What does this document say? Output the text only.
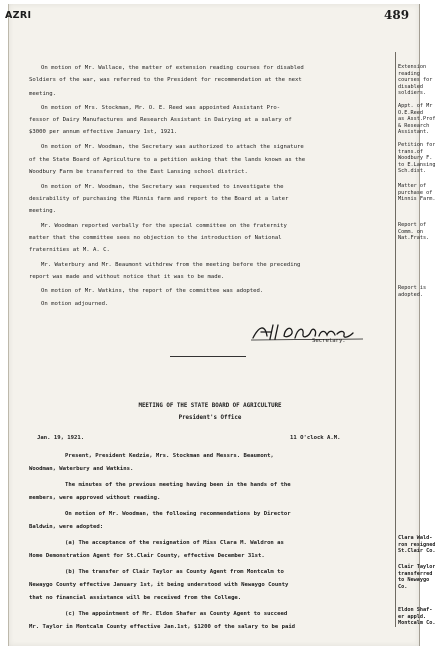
AZRI	489
On motion of Mr. Wallace, the matter of extension reading courses for disabled
Soldiers of the war, was referred to the President for recommendation at the next
meeting.
On motion of Mrs. Stockman, Mr. O. E. Reed was appointed Assistant Pro-
fessor of Dairy Manufactures and Research Assistant in Dairying at a salary of
$3000 per annum effective January 1st, 1921.
On motion of Mr. Woodman, the Secretary was authorized to attach the signature
of the State Board of Agriculture to a petition asking that the lands known as the
Woodbury Farm be transferred to the East Lansing school district.
On motion of Mr. Woodman, the Secretary was requested to investigate the
desirability of purchasing the Minnis farm and report to the Board at a later
meeting.
Mr. Woodman reported verbally for the special committee on the fraternity
matter that the committee sees no objection to the introduction of National
fraternities at M. A. C.
Mr. Waterbury and Mr. Beaumont withdrew from the meeting before the preceding
report was made and without notice that it was to be made.
On motion of Mr. Watkins, the report of the committee was adopted.
On motion adjourned.
Secretary.
MEETING OF THE STATE BOARD OF AGRICULTURE
President's Office
Jan. 19, 1921.	11 O'clock A.M.
Present, President Kedzie, Mrs. Stockman and Messrs. Beaumont,
Woodman, Waterbury and Watkins.
The minutes of the previous meeting having been in the hands of the
members, were approved without reading.
On motion of Mr. Woodman, the following recommendations by Director
Baldwin, were adopted:
(a) The acceptance of the resignation of Miss Clara M. Waldron as
Home Demonstration Agent for St.Clair County, effective December 31st.
(b) The transfer of Clair Taylor as County Agent from Montcalm to
Newaygo County effective January 1st, it being understood with Newaygo County
that no financial assistance will be received from the College.
(c) The appointment of Mr. Eldon Shafer as County Agent to succeed
Mr. Taylor in Montcalm County effective Jan.1st, $1200 of the salary to be paid
Extension
reading
courses for
disabled
soldiers.
Appt. of Mr
O.E.Reed
as Asst.Prof
& Research
Assistant.
Petition for
trans.of
Woodbury F.
to E.Lansing
Sch.dist.
Matter of
purchase of
Minnis Farm.
Report of
Comm. on
Nat.Frats.
Report is
adopted.
Clara Wald-
ron resigned
St.Clair Co.
Clair Taylor
transferred
to Newaygo
Co.
Eldon Shaf-
er appld.
Montcalm Co.
